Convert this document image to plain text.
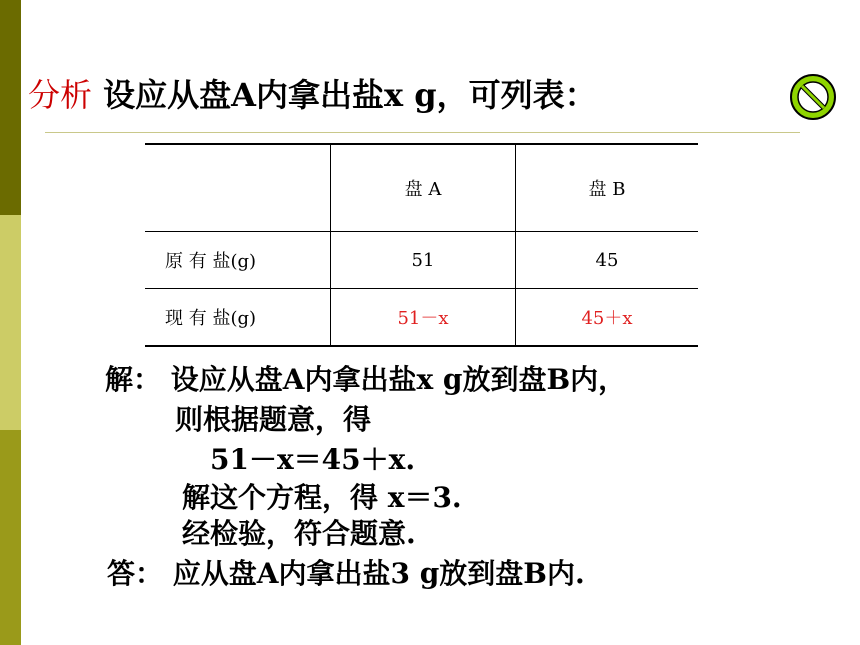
分析 设应从盘A内拿出盐x g，可列表：
	盘 A	盘 B
原 有 盐(g)	51	45
现 有 盐(g)	51－x	45＋x
解： 设应从盘A内拿出盐x g放到盘B内，
则根据题意，得
51－x＝45＋x.
解这个方程，得 x＝3.
经检验，符合题意.
答： 应从盘A内拿出盐3 g放到盘B内.
